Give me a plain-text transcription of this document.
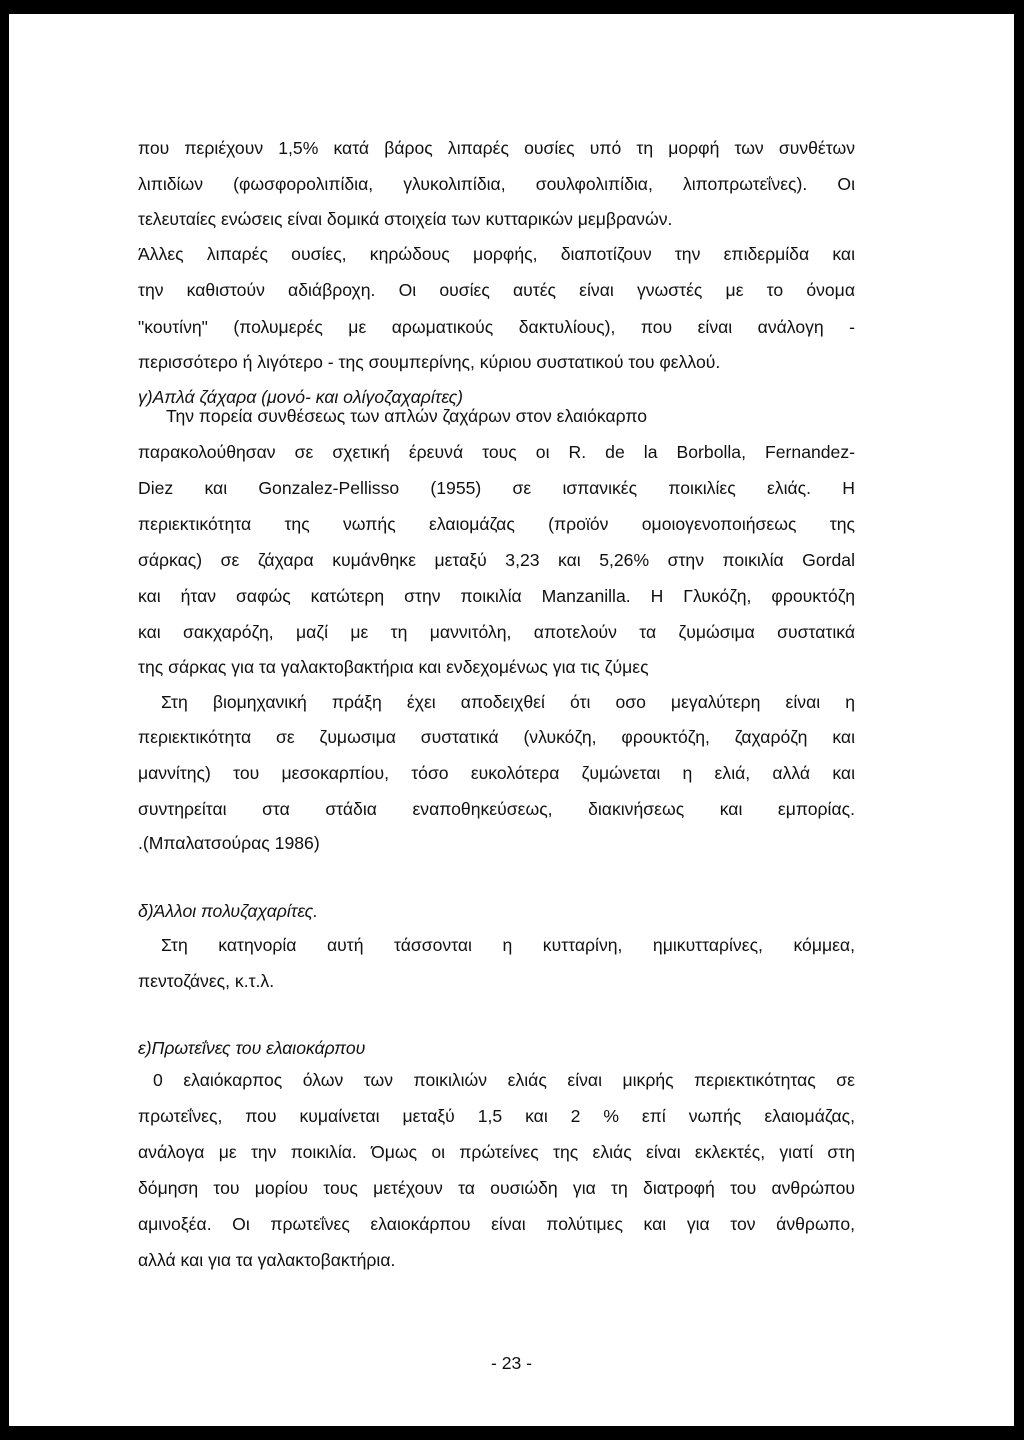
που περιέχουν 1,5% κατά βάρος λιπαρές ουσίες υπό τη μορφή των συνθέτων

λιπιδίων (φωσφορολιπίδια, γλυκολιπίδια, σουλφολιπίδια, λιποπρωτεΐνες). Οι

τελευταίες ενώσεις είναι δομικά στοιχεία των κυτταρικών μεμβρανών.

Άλλες λιπαρές ουσίες, κηρώδους μορφής, διαποτίζουν την επιδερμίδα και

την καθιστούν αδιάβροχη. Οι ουσίες αυτές είναι γνωστές με το όνομα

"κουτίνη" (πολυμερές με αρωματικούς δακτυλίους), που είναι ανάλογη -

περισσότερο ή λιγότερο - της σουμπερίνης, κύριου συστατικού του φελλού.

γ)Απλά ζάχαρα (μονό- και ολίγοζαχαρίτες)

Την πορεία συνθέσεως των απλών ζαχάρων στον ελαιόκαρπο

παρακολούθησαν σε σχετική έρευνά τους οι R. de la Borbolla, Fernandez-

Diez και Gonzalez-Pellisso (1955) σε ισπανικές ποικιλίες ελιάς. Η

περιεκτικότητα της νωπής ελαιομάζας (προϊόν ομοιογενοποιήσεως της

σάρκας) σε ζάχαρα κυμάνθηκε μεταξύ 3,23 και 5,26% στην ποικιλία Gordal

και ήταν σαφώς κατώτερη στην ποικιλία Manzanilla. Η Γλυκόζη, φρουκτόζη

και σακχαρόζη, μαζί με τη μαννιτόλη, αποτελούν τα ζυμώσιμα συστατικά

της σάρκας για τα γαλακτοβακτήρια και ενδεχομένως για τις ζύμες

Στη βιομηχανική πράξη έχει αποδειχθεί ότι οσο μεγαλύτερη είναι η

περιεκτικότητα σε ζυμωσιμα συστατικά (νλυκόζη, φρουκτόζη, ζαχαρόζη και

μαννίτης) του μεσοκαρπίου, τόσο ευκολότερα ζυμώνεται η ελιά, αλλά και

συντηρείται στα στάδια εναποθηκεύσεως, διακινήσεως και εμπορίας.

.(Μπαλατσούρας 1986)

δ)Άλλοι πολυζαχαρίτες.

Στη κατηνορία αυτή τάσσονται η κυτταρίνη, ημικυτταρίνες, κόμμεα,

πεντοζάνες, κ.τ.λ.

ε)Πρωτεΐνες του ελαιοκάρπου

0 ελαιόκαρπος όλων των ποικιλιών ελιάς είναι μικρής περιεκτικότητας σε

πρωτεΐνες, που κυμαίνεται μεταξύ 1,5 και 2 % επί νωπής ελαιομάζας,

ανάλογα με την ποικιλία. Όμως οι πρώτείνες της ελιάς είναι εκλεκτές, γιατί στη

δόμηση του μορίου τους μετέχουν τα ουσιώδη για τη διατροφή του ανθρώπου

αμινοξέα. Οι πρωτεΐνες ελαιοκάρπου είναι πολύτιμες και για τον άνθρωπο,

αλλά και για τα γαλακτοβακτήρια.

- 23 -
